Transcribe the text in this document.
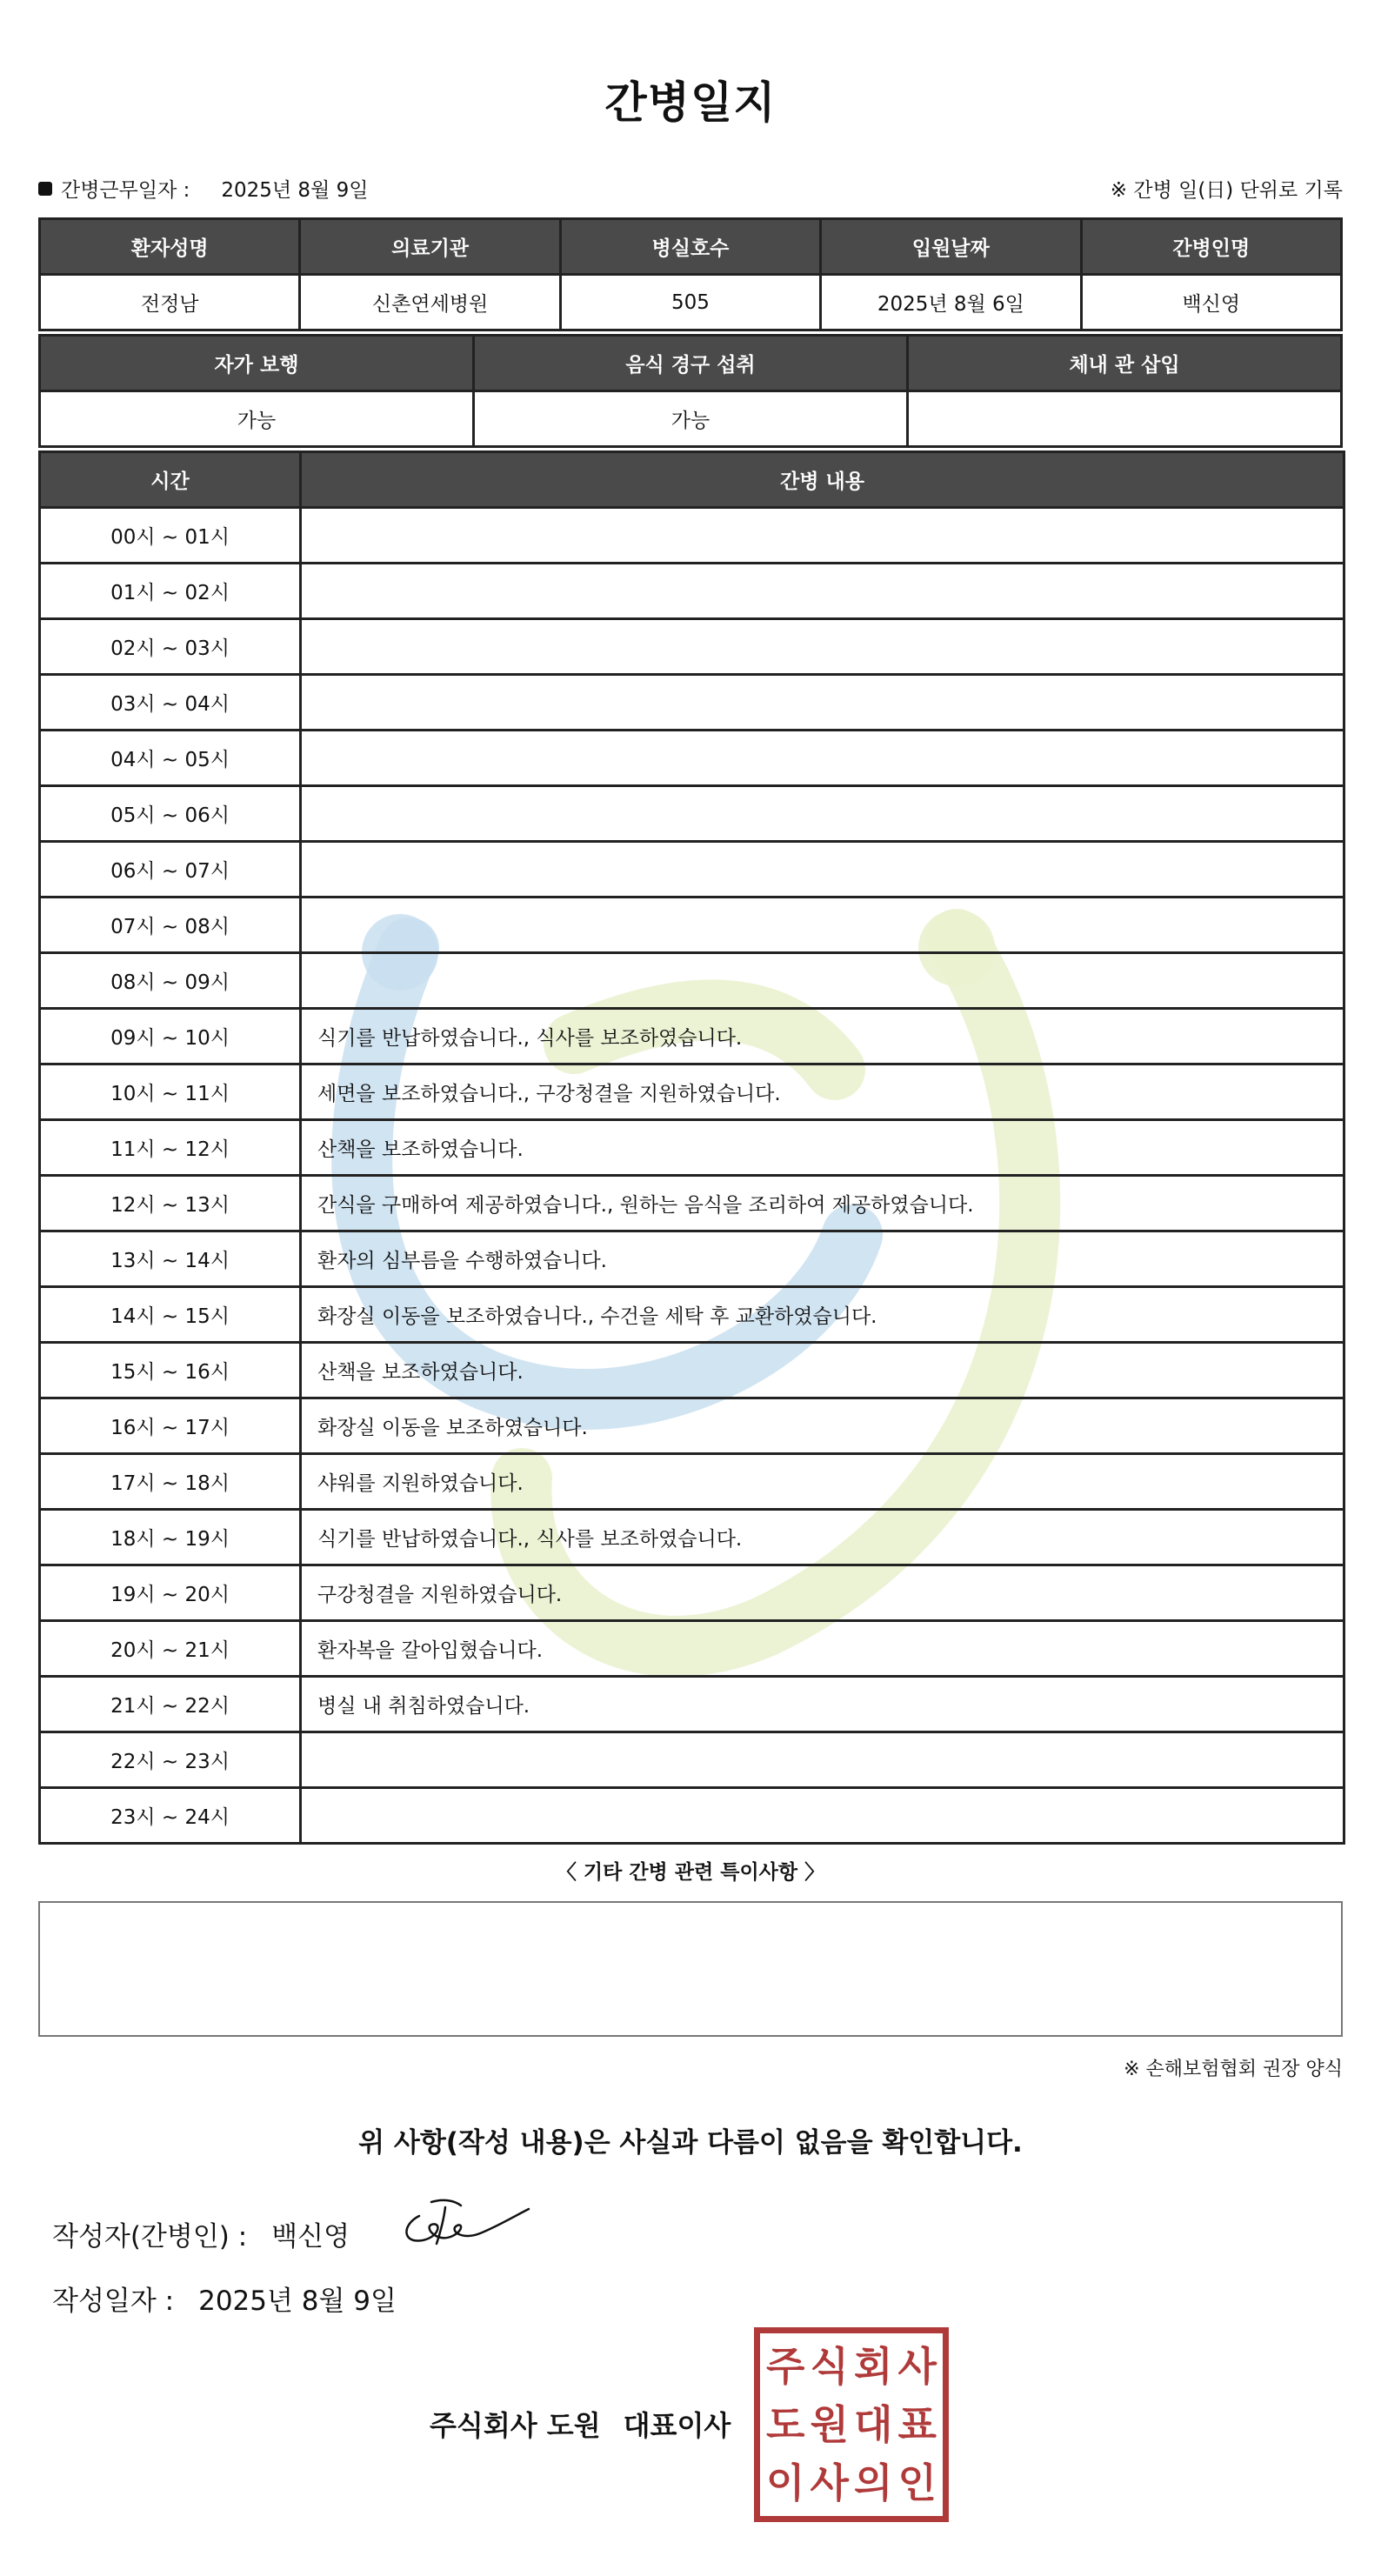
간병일지
간병근무일자 : 2025년 8월 9일	※ 간병 일(日) 단위로 기록
환자성명	의료기관	병실호수	입원날짜	간병인명
전정남	신촌연세병원	505	2025년 8월 6일	백신영
자가 보행	음식 경구 섭취	체내 관 삽입
가능	가능	
시간	간병 내용
00시 ~ 01시	
01시 ~ 02시	
02시 ~ 03시	
03시 ~ 04시	
04시 ~ 05시	
05시 ~ 06시	
06시 ~ 07시	
07시 ~ 08시	
08시 ~ 09시	
09시 ~ 10시	식기를 반납하였습니다., 식사를 보조하였습니다.
10시 ~ 11시	세면을 보조하였습니다., 구강청결을 지원하였습니다.
11시 ~ 12시	산책을 보조하였습니다.
12시 ~ 13시	간식을 구매하여 제공하였습니다., 원하는 음식을 조리하여 제공하였습니다.
13시 ~ 14시	환자의 심부름을 수행하였습니다.
14시 ~ 15시	화장실 이동을 보조하였습니다., 수건을 세탁 후 교환하였습니다.
15시 ~ 16시	산책을 보조하였습니다.
16시 ~ 17시	화장실 이동을 보조하였습니다.
17시 ~ 18시	샤워를 지원하였습니다.
18시 ~ 19시	식기를 반납하였습니다., 식사를 보조하였습니다.
19시 ~ 20시	구강청결을 지원하였습니다.
20시 ~ 21시	환자복을 갈아입혔습니다.
21시 ~ 22시	병실 내 취침하였습니다.
22시 ~ 23시	
23시 ~ 24시	
〈 기타 간병 관련 특이사항 〉
※ 손해보험협회 권장 양식
위 사항(작성 내용)은 사실과 다름이 없음을 확인합니다.
작성자(간병인) : 백신영
작성일자 : 2025년 8월 9일
주식회사 도원 대표이사
주 식 회 사
도 원 대 표
이 사 의 인
